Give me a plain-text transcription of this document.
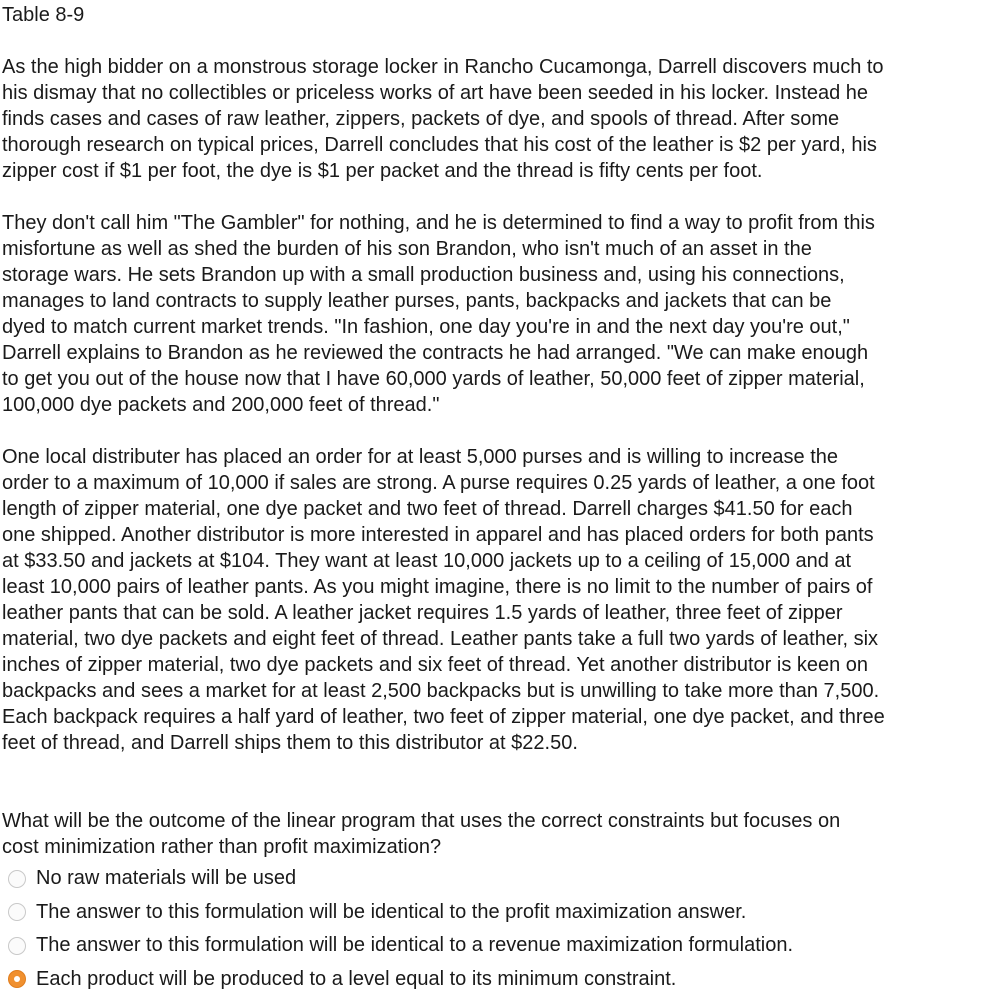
Table 8-9

As the high bidder on a monstrous storage locker in Rancho Cucamonga, Darrell discovers much to
his dismay that no collectibles or priceless works of art have been seeded in his locker. Instead he
finds cases and cases of raw leather, zippers, packets of dye, and spools of thread. After some
thorough research on typical prices, Darrell concludes that his cost of the leather is $2 per yard, his
zipper cost if $1 per foot, the dye is $1 per packet and the thread is fifty cents per foot.

They don't call him "The Gambler" for nothing, and he is determined to find a way to profit from this
misfortune as well as shed the burden of his son Brandon, who isn't much of an asset in the
storage wars. He sets Brandon up with a small production business and, using his connections,
manages to land contracts to supply leather purses, pants, backpacks and jackets that can be
dyed to match current market trends. "In fashion, one day you're in and the next day you're out,"
Darrell explains to Brandon as he reviewed the contracts he had arranged. "We can make enough
to get you out of the house now that I have 60,000 yards of leather, 50,000 feet of zipper material,
100,000 dye packets and 200,000 feet of thread."

One local distributer has placed an order for at least 5,000 purses and is willing to increase the
order to a maximum of 10,000 if sales are strong. A purse requires 0.25 yards of leather, a one foot
length of zipper material, one dye packet and two feet of thread. Darrell charges $41.50 for each
one shipped. Another distributor is more interested in apparel and has placed orders for both pants
at $33.50 and jackets at $104. They want at least 10,000 jackets up to a ceiling of 15,000 and at
least 10,000 pairs of leather pants. As you might imagine, there is no limit to the number of pairs of
leather pants that can be sold. A leather jacket requires 1.5 yards of leather, three feet of zipper
material, two dye packets and eight feet of thread. Leather pants take a full two yards of leather, six
inches of zipper material, two dye packets and six feet of thread. Yet another distributor is keen on
backpacks and sees a market for at least 2,500 backpacks but is unwilling to take more than 7,500.
Each backpack requires a half yard of leather, two feet of zipper material, one dye packet, and three
feet of thread, and Darrell ships them to this distributor at $22.50.

What will be the outcome of the linear program that uses the correct constraints but focuses on
cost minimization rather than profit maximization?

No raw materials will be used
The answer to this formulation will be identical to the profit maximization answer.
The answer to this formulation will be identical to a revenue maximization formulation.
Each product will be produced to a level equal to its minimum constraint.
